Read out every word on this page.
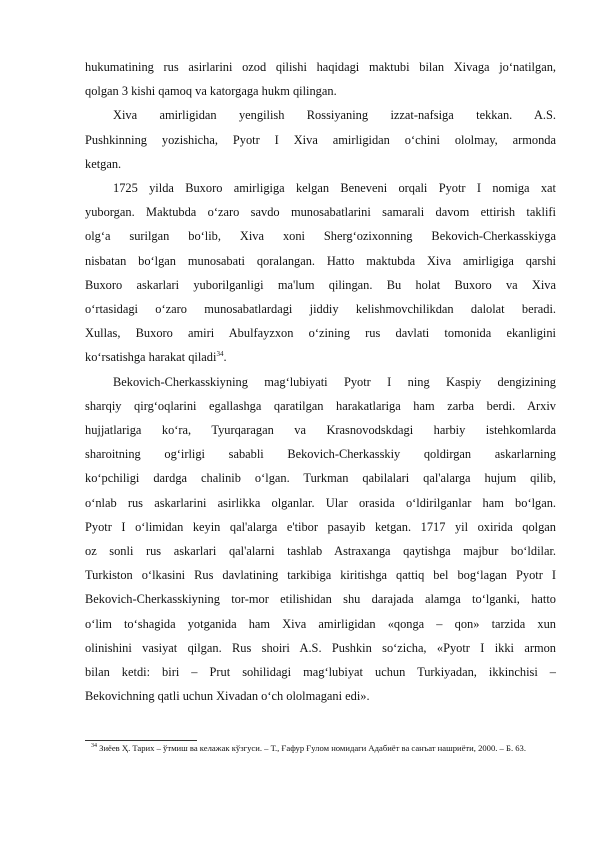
hukumatining rus asirlarini ozod qilishi haqidagi maktubi bilan Xivaga jo‘natilgan,
qolgan 3 kishi qamoq va katorgaga hukm qilingan.
Xiva amirligidan yengilish Rossiyaning izzat-nafsiga tekkan. A.S.
Pushkinning yozishicha, Pyotr I Xiva amirligidan o‘chini ololmay, armonda
ketgan.
1725 yilda Buxoro amirligiga kelgan Beneveni orqali Pyotr I nomiga xat
yuborgan. Maktubda o‘zaro savdo munosabatlarini samarali davom ettirish taklifi
olg‘a surilgan bo‘lib, Xiva xoni Sherg‘ozixonning Bekovich-Cherkasskiyga
nisbatan bo‘lgan munosabati qoralangan. Hatto maktubda Xiva amirligiga qarshi
Buxoro askarlari yuborilganligi ma'lum qilingan. Bu holat Buxoro va Xiva
o‘rtasidagi o‘zaro munosabatlardagi jiddiy kelishmovchilikdan dalolat beradi.
Xullas, Buxoro amiri Abulfayzxon o‘zining rus davlati tomonida ekanligini
ko‘rsatishga harakat qiladi$^{34}$.
Bekovich-Cherkasskiyning mag‘lubiyati Pyotr I ning Kaspiy dengizining
sharqiy qirg‘oqlarini egallashga qaratilgan harakatlariga ham zarba berdi. Arxiv
hujjatlariga ko‘ra, Tyurqaragan va Krasnovodskdagi harbiy istehkomlarda
sharoitning og‘irligi sababli Bekovich-Cherkasskiy qoldirgan askarlarning
ko‘pchiligi dardga chalinib o‘lgan. Turkman qabilalari qal'alarga hujum qilib,
o‘nlab rus askarlarini asirlikka olganlar. Ular orasida o‘ldirilganlar ham bo‘lgan.
Pyotr I o‘limidan keyin qal'alarga e'tibor pasayib ketgan. 1717 yil oxirida qolgan
oz sonli rus askarlari qal'alarni tashlab Astraxanga qaytishga majbur bo‘ldilar.
Turkiston o‘lkasini Rus davlatining tarkibiga kiritishga qattiq bel bog‘lagan Pyotr I
Bekovich-Cherkasskiyning tor-mor etilishidan shu darajada alamga to‘lganki, hatto
o‘lim to‘shagida yotganida ham Xiva amirligidan «qonga – qon» tarzida xun
olinishini vasiyat qilgan. Rus shoiri A.S. Pushkin so‘zicha, «Pyotr I ikki armon
bilan ketdi: biri – Prut sohilidagi mag‘lubiyat uchun Turkiyadan, ikkinchisi –
Bekovichning qatli uchun Xivadan o‘ch ololmagani edi».
$^{34}$ Зиёев Ҳ. Тарих – ўтмиш ва келажак кўзгуси. – Т., Ғафур Ғулом номидаги Адабиёт ва санъат нашриёти, 2000. – Б. 63.
